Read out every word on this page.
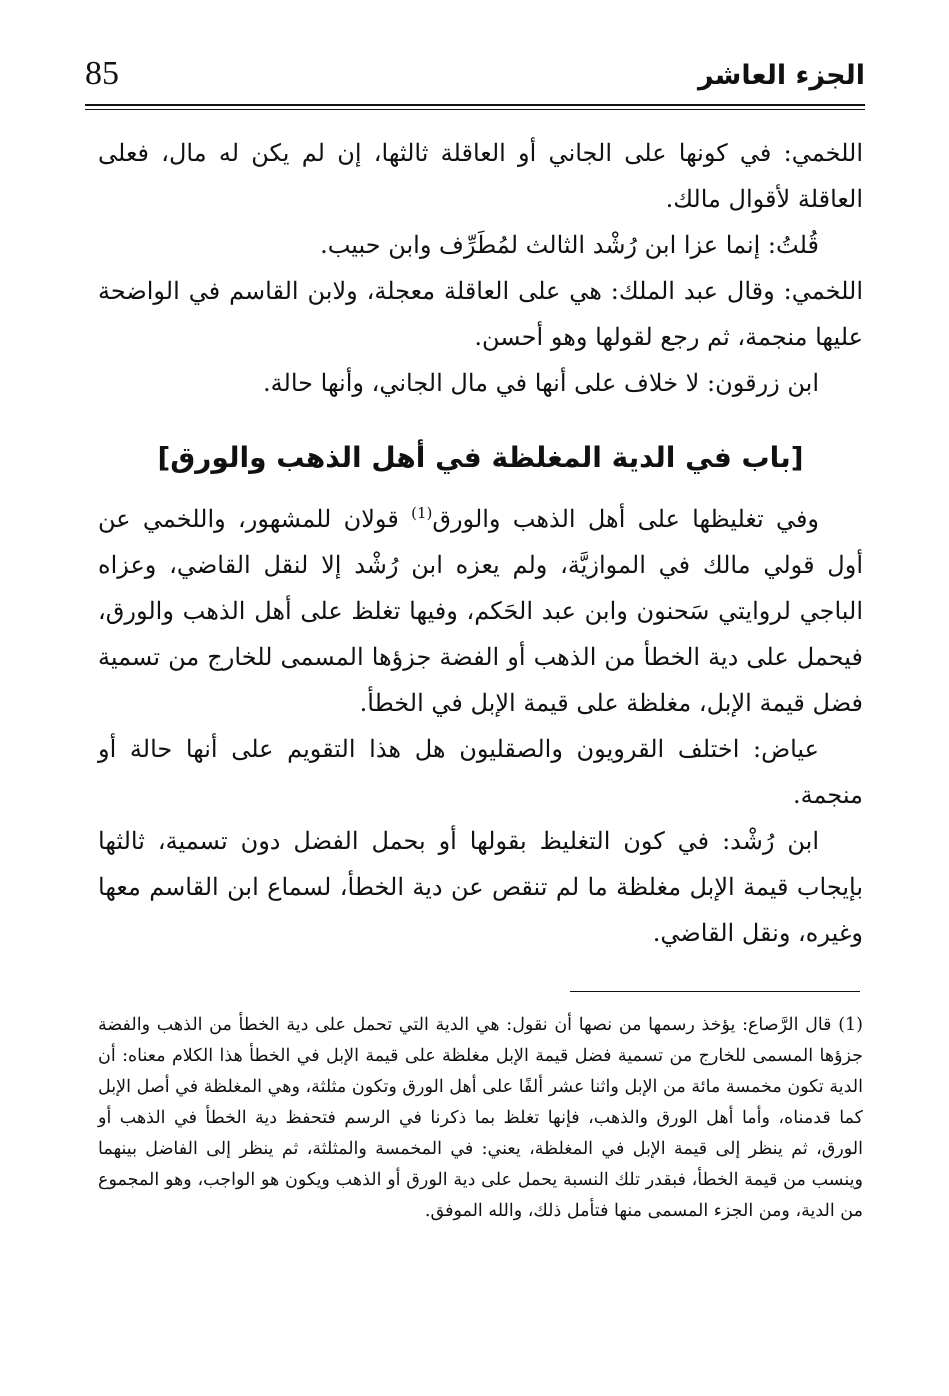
85	الجزء العاشر

اللخمي: في كونها على الجاني أو العاقلة ثالثها، إن لم يكن له مال، فعلى العاقلة لأقوال مالك.

قُلتُ: إنما عزا ابن رُشْد الثالث لمُطَرِّف وابن حبيب.

اللخمي: وقال عبد الملك: هي على العاقلة معجلة، ولابن القاسم في الواضحة عليها منجمة، ثم رجع لقولها وهو أحسن.

ابن زرقون: لا خلاف على أنها في مال الجاني، وأنها حالة.

[باب في الدية المغلظة في أهل الذهب والورق]

وفي تغليظها على أهل الذهب والورق$^{(1)}$ قولان للمشهور، واللخمي عن أول قولي مالك في الموازيَّة، ولم يعزه ابن رُشْد إلا لنقل القاضي، وعزاه الباجي لروايتي سَحنون وابن عبد الحَكم، وفيها تغلظ على أهل الذهب والورق، فيحمل على دية الخطأ من الذهب أو الفضة جزؤها المسمى للخارج من تسمية فضل قيمة الإبل، مغلظة على قيمة الإبل في الخطأ.

عياض: اختلف القرويون والصقليون هل هذا التقويم على أنها حالة أو منجمة.

ابن رُشْد: في كون التغليظ بقولها أو بحمل الفضل دون تسمية، ثالثها بإيجاب قيمة الإبل مغلظة ما لم تنقص عن دية الخطأ، لسماع ابن القاسم معها وغيره، ونقل القاضي.

(1) قال الرَّصاع: يؤخذ رسمها من نصها أن نقول: هي الدية التي تحمل على دية الخطأ من الذهب والفضة جزؤها المسمى للخارج من تسمية فضل قيمة الإبل مغلظة على قيمة الإبل في الخطأ هذا الكلام معناه: أن الدية تكون مخمسة مائة من الإبل واثنا عشر ألفًا على أهل الورق وتكون مثلثة، وهي المغلظة في أصل الإبل كما قدمناه، وأما أهل الورق والذهب، فإنها تغلظ بما ذكرنا في الرسم فتحفظ دية الخطأ في الذهب أو الورق، ثم ينظر إلى قيمة الإبل في المغلظة، يعني: في المخمسة والمثلثة، ثم ينظر إلى الفاضل بينهما وينسب من قيمة الخطأ، فبقدر تلك النسبة يحمل على دية الورق أو الذهب ويكون هو الواجب، وهو المجموع من الدية، ومن الجزء المسمى منها فتأمل ذلك، والله الموفق.
